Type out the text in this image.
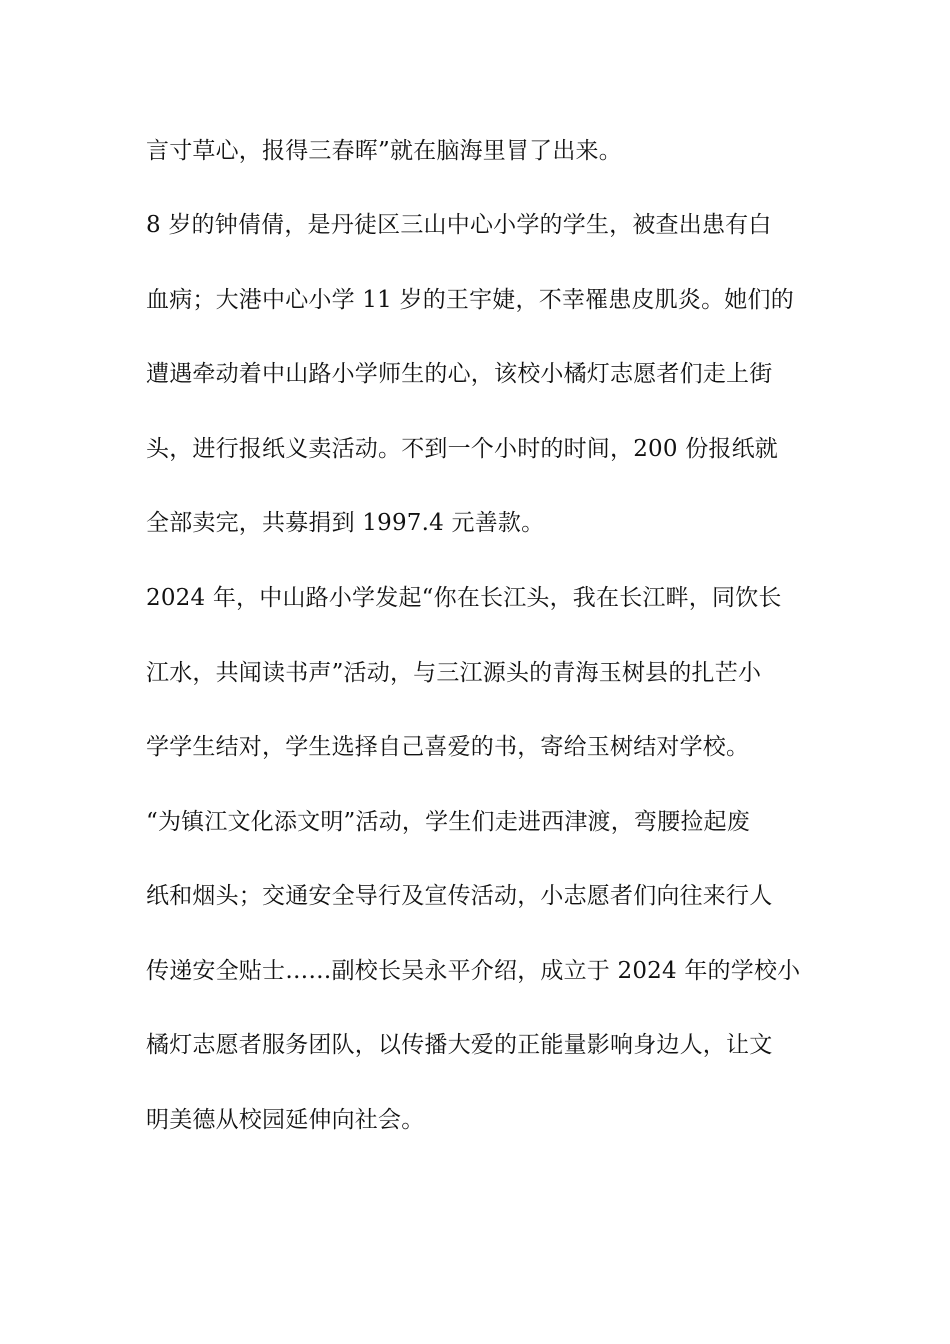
言寸草心，报得三春晖”就在脑海里冒了出来。
8 岁的钟倩倩，是丹徒区三山中心小学的学生，被查出患有白
血病；大港中心小学 11 岁的王宇婕，不幸罹患皮肌炎。她们的
遭遇牵动着中山路小学师生的心，该校小橘灯志愿者们走上街
头，进行报纸义卖活动。不到一个小时的时间，200 份报纸就
全部卖完，共募捐到 1997.4 元善款。
2024 年，中山路小学发起“你在长江头，我在长江畔，同饮长
江水，共闻读书声”活动，与三江源头的青海玉树县的扎芒小
学学生结对，学生选择自己喜爱的书，寄给玉树结对学校。
“为镇江文化添文明”活动，学生们走进西津渡，弯腰捡起废
纸和烟头；交通安全导行及宣传活动，小志愿者们向往来行人
传递安全贴士……副校长吴永平介绍，成立于 2024 年的学校小
橘灯志愿者服务团队，以传播大爱的正能量影响身边人，让文
明美德从校园延伸向社会。
